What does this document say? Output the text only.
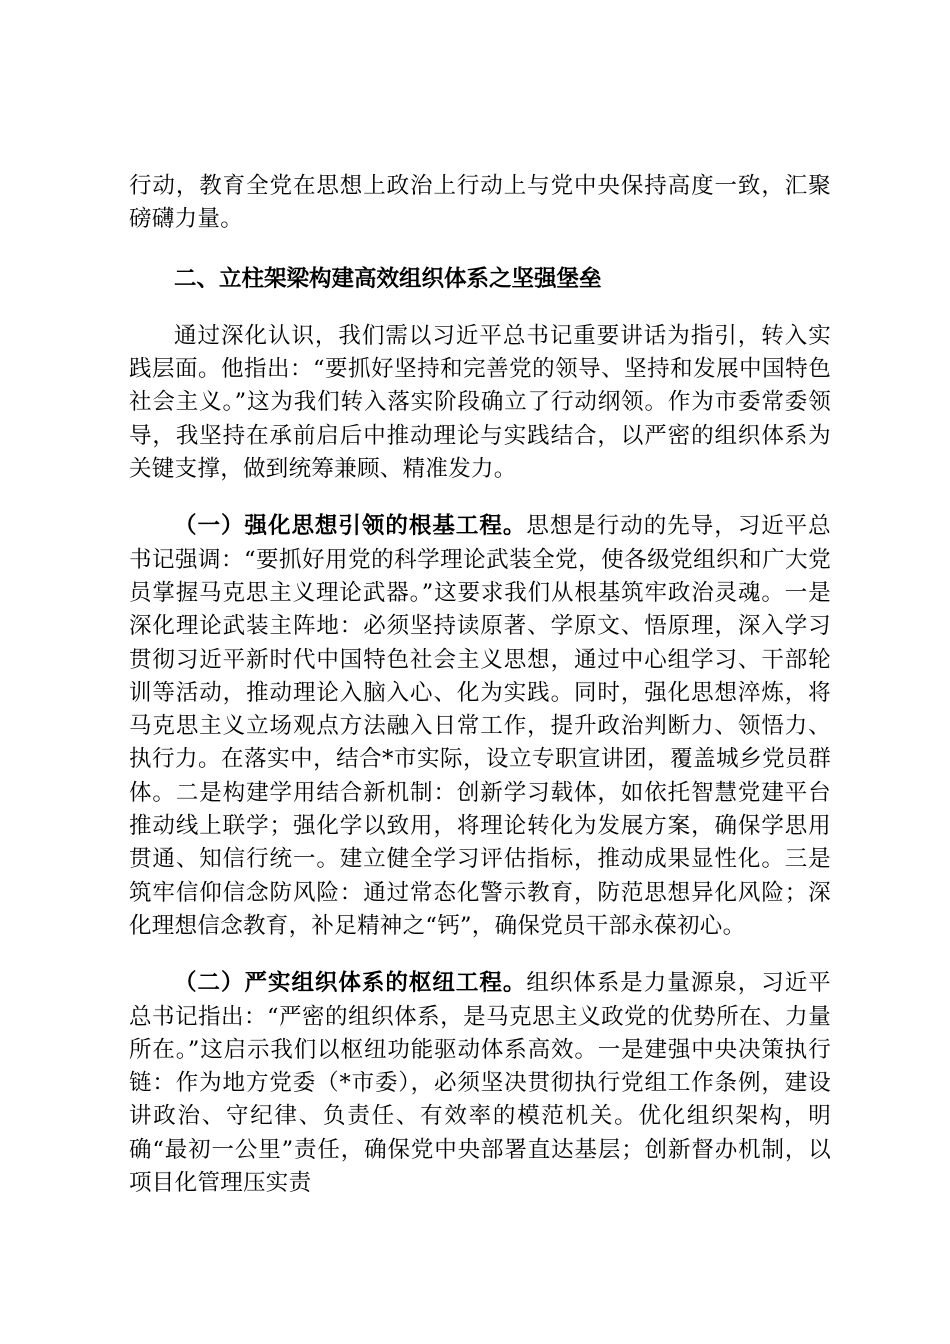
行动，教育全党在思想上政治上行动上与党中央保持高度一致，汇聚磅礴力量。

二、立柱架梁构建高效组织体系之坚强堡垒

通过深化认识，我们需以习近平总书记重要讲话为指引，转入实践层面。他指出：“要抓好坚持和完善党的领导、坚持和发展中国特色社会主义。”这为我们转入落实阶段确立了行动纲领。作为市委常委领导，我坚持在承前启后中推动理论与实践结合，以严密的组织体系为关键支撑，做到统筹兼顾、精准发力。

（一）强化思想引领的根基工程。思想是行动的先导，习近平总书记强调：“要抓好用党的科学理论武装全党，使各级党组织和广大党员掌握马克思主义理论武器。”这要求我们从根基筑牢政治灵魂。一是深化理论武装主阵地：必须坚持读原著、学原文、悟原理，深入学习贯彻习近平新时代中国特色社会主义思想，通过中心组学习、干部轮训等活动，推动理论入脑入心、化为实践。同时，强化思想淬炼，将马克思主义立场观点方法融入日常工作，提升政治判断力、领悟力、执行力。在落实中，结合*市实际，设立专职宣讲团，覆盖城乡党员群体。二是构建学用结合新机制：创新学习载体，如依托智慧党建平台推动线上联学；强化学以致用，将理论转化为发展方案，确保学思用贯通、知信行统一。建立健全学习评估指标，推动成果显性化。三是筑牢信仰信念防风险：通过常态化警示教育，防范思想异化风险；深化理想信念教育，补足精神之“钙”，确保党员干部永葆初心。

（二）严实组织体系的枢纽工程。组织体系是力量源泉，习近平总书记指出：“严密的组织体系，是马克思主义政党的优势所在、力量所在。”这启示我们以枢纽功能驱动体系高效。一是建强中央决策执行链：作为地方党委（*市委），必须坚决贯彻执行党组工作条例，建设讲政治、守纪律、负责任、有效率的模范机关。优化组织架构，明确“最初一公里”责任，确保党中央部署直达基层；创新督办机制，以项目化管理压实责
